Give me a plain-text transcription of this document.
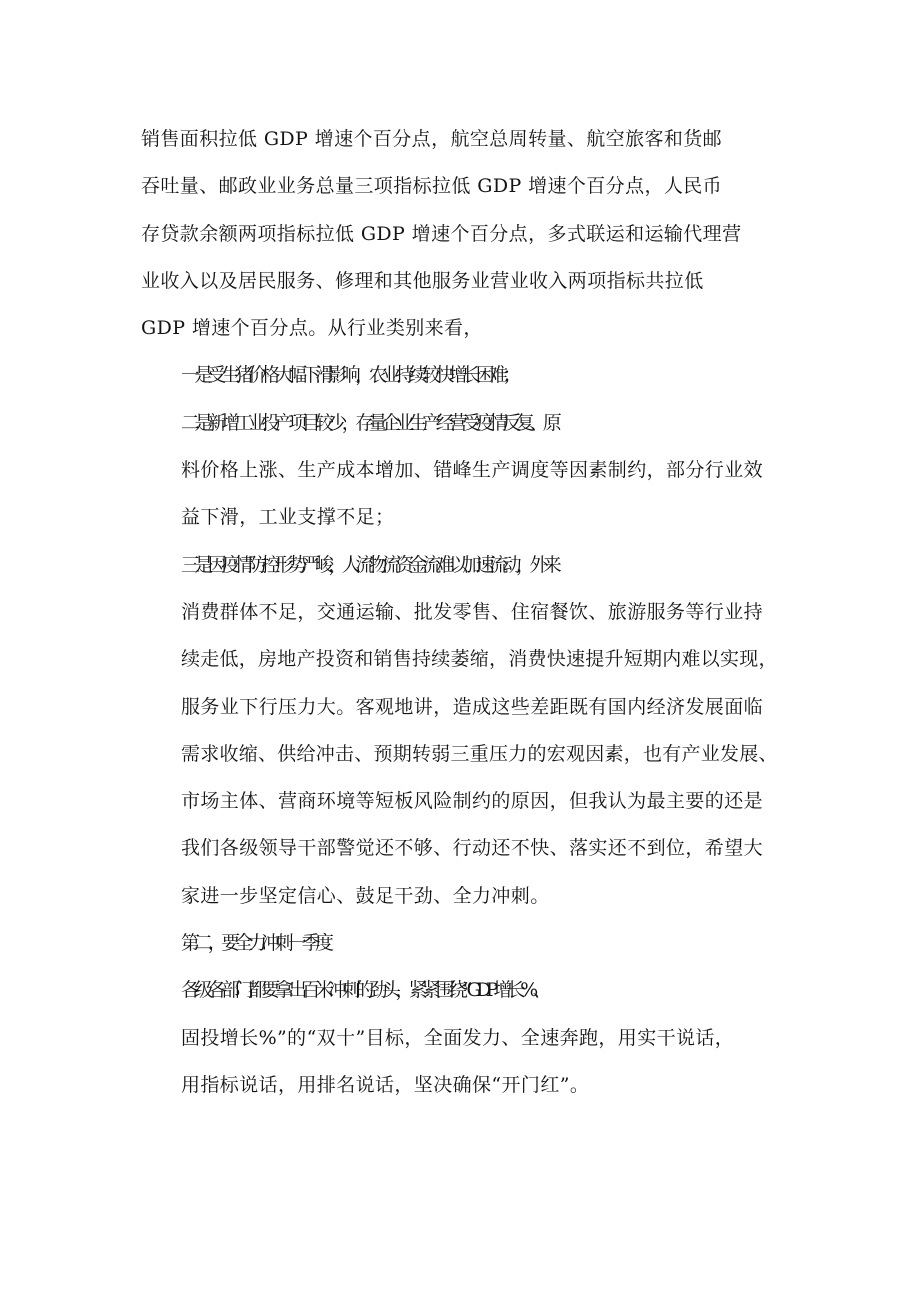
销售面积拉低 GDP 增速个百分点，航空总周转量、航空旅客和货邮
吞吐量、邮政业业务总量三项指标拉低 GDP 增速个百分点，人民币
存贷款余额两项指标拉低 GDP 增速个百分点，多式联运和运输代理营
业收入以及居民服务、修理和其他服务业营业收入两项指标共拉低
GDP 增速个百分点。从行业类别来看，
一是受生猪价格大幅下滑影响，农业持续较快增长困难；
二是新增工业投产项目较少，存量企业生产经营受疫情反复、原
料价格上涨、生产成本增加、错峰生产调度等因素制约，部分行业效
益下滑，工业支撑不足；
三是因疫情防控形势严峻，人流物流资金流难以加速流动，外来
消费群体不足，交通运输、批发零售、住宿餐饮、旅游服务等行业持
续走低，房地产投资和销售持续萎缩，消费快速提升短期内难以实现，
服务业下行压力大。客观地讲，造成这些差距既有国内经济发展面临
需求收缩、供给冲击、预期转弱三重压力的宏观因素，也有产业发展、
市场主体、营商环境等短板风险制约的原因，但我认为最主要的还是
我们各级领导干部警觉还不够、行动还不快、落实还不到位，希望大
家进一步坚定信心、鼓足干劲、全力冲刺。
第二，要全力冲刺一季度
各级各部门都要拿出百米冲刺的劲头，紧紧围绕“GDP 增长%、
固投增长%”的“双十”目标，全面发力、全速奔跑，用实干说话，
用指标说话，用排名说话，坚决确保“开门红”。
